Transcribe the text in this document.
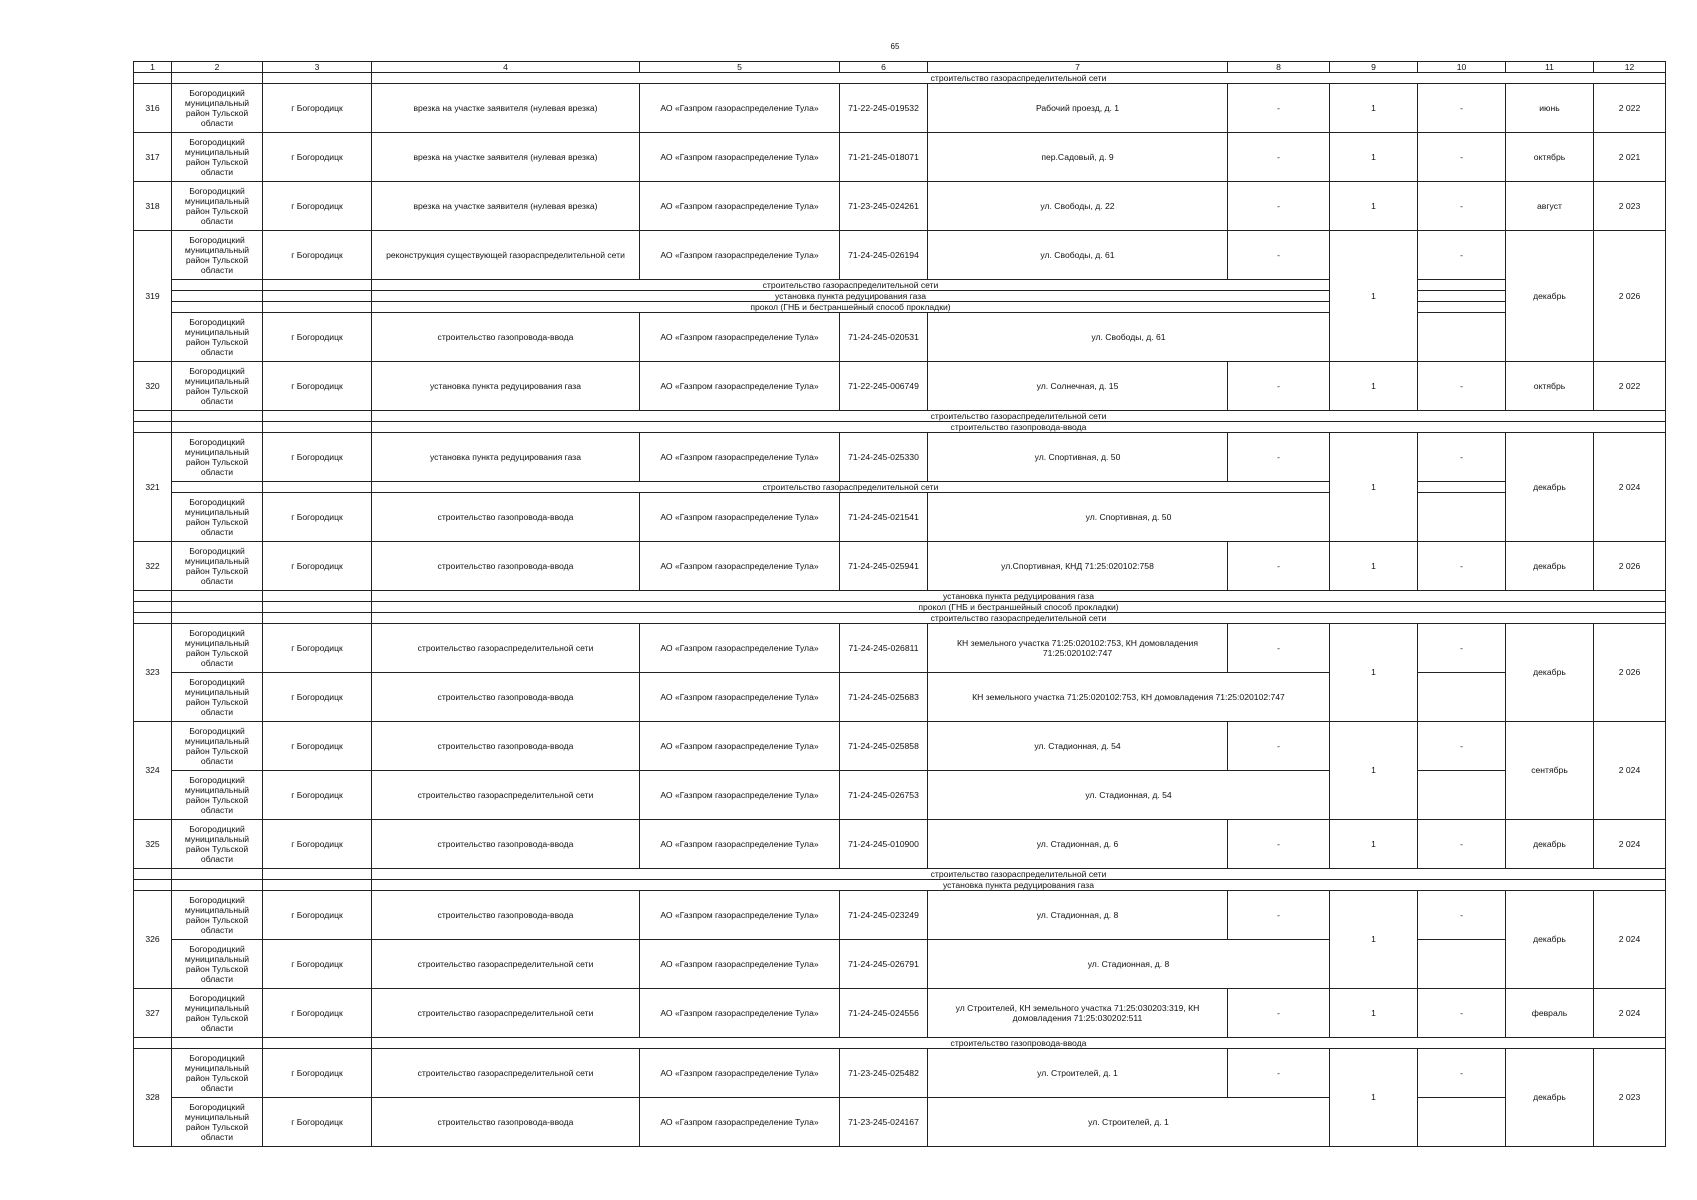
65
1	2	3	4	5	6	7	8	9	10	11	12
			строительство газораспределительной сети								
316	Богородицкий муниципальный район Тульской области	г Богородицк	врезка на участке заявителя (нулевая врезка)	АО «Газпром газораспределение Тула»	71-22-245-019532	Рабочий проезд, д. 1	-	1	-	июнь	2 022
317	Богородицкий муниципальный район Тульской области	г Богородицк	врезка на участке заявителя (нулевая врезка)	АО «Газпром газораспределение Тула»	71-21-245-018071	пер.Садовый, д. 9	-	1	-	октябрь	2 021
318	Богородицкий муниципальный район Тульской области	г Богородицк	врезка на участке заявителя (нулевая врезка)	АО «Газпром газораспределение Тула»	71-23-245-024261	ул. Свободы, д. 22	-	1	-	август	2 023
319	Богородицкий муниципальный район Тульской области	г Богородицк	реконструкция существующей газораспределительной сети	АО «Газпром газораспределение Тула»	71-24-245-026194	ул. Свободы, д. 61	-	1	-	декабрь	2 026
			строительство газораспределительной сети								
			установка пункта редуцирования газа								
			прокол (ГНБ и бестраншейный способ прокладки)								
	Богородицкий муниципальный район Тульской области	г Богородицк	строительство газопровода-ввода	АО «Газпром газораспределение Тула»	71-24-245-020531	ул. Свободы, д. 61					
320	Богородицкий муниципальный район Тульской области	г Богородицк	установка пункта редуцирования газа	АО «Газпром газораспределение Тула»	71-22-245-006749	ул. Солнечная, д. 15	-	1	-	октябрь	2 022
			строительство газораспределительной сети								
			строительство газопровода-ввода								
321	Богородицкий муниципальный район Тульской области	г Богородицк	установка пункта редуцирования газа	АО «Газпром газораспределение Тула»	71-24-245-025330	ул. Спортивная, д. 50	-	1	-	декабрь	2 024
			строительство газораспределительной сети								
	Богородицкий муниципальный район Тульской области	г Богородицк	строительство газопровода-ввода	АО «Газпром газораспределение Тула»	71-24-245-021541	ул. Спортивная, д. 50					
322	Богородицкий муниципальный район Тульской области	г Богородицк	строительство газопровода-ввода	АО «Газпром газораспределение Тула»	71-24-245-025941	ул.Спортивная, КНД 71:25:020102:758	-	1	-	декабрь	2 026
			установка пункта редуцирования газа								
			прокол (ГНБ и бестраншейный способ прокладки)								
			строительство газораспределительной сети								
323	Богородицкий муниципальный район Тульской области	г Богородицк	строительство газораспределительной сети	АО «Газпром газораспределение Тула»	71-24-245-026811	КН земельного участка 71:25:020102:753, КН домовладения 71:25:020102:747	-	1	-	декабрь	2 026
	Богородицкий муниципальный район Тульской области	г Богородицк	строительство газопровода-ввода	АО «Газпром газораспределение Тула»	71-24-245-025683	КН земельного участка 71:25:020102:753, КН домовладения 71:25:020102:747					
324	Богородицкий муниципальный район Тульской области	г Богородицк	строительство газопровода-ввода	АО «Газпром газораспределение Тула»	71-24-245-025858	ул. Стадионная, д. 54	-	1	-	сентябрь	2 024
	Богородицкий муниципальный район Тульской области	г Богородицк	строительство газораспределительной сети	АО «Газпром газораспределение Тула»	71-24-245-026753	ул. Стадионная, д. 54					
325	Богородицкий муниципальный район Тульской области	г Богородицк	строительство газопровода-ввода	АО «Газпром газораспределение Тула»	71-24-245-010900	ул. Стадионная, д. 6	-	1	-	декабрь	2 024
			строительство газораспределительной сети								
			установка пункта редуцирования газа								
326	Богородицкий муниципальный район Тульской области	г Богородицк	строительство газопровода-ввода	АО «Газпром газораспределение Тула»	71-24-245-023249	ул. Стадионная, д. 8	-	1	-	декабрь	2 024
	Богородицкий муниципальный район Тульской области	г Богородицк	строительство газораспределительной сети	АО «Газпром газораспределение Тула»	71-24-245-026791	ул. Стадионная, д. 8					
327	Богородицкий муниципальный район Тульской области	г Богородицк	строительство газораспределительной сети	АО «Газпром газораспределение Тула»	71-24-245-024556	ул Строителей, КН земельного участка 71:25:030203:319, КН домовладения 71:25:030202:511	-	1	-	февраль	2 024
			строительство газопровода-ввода								
328	Богородицкий муниципальный район Тульской области	г Богородицк	строительство газораспределительной сети	АО «Газпром газораспределение Тула»	71-23-245-025482	ул. Строителей, д. 1	-	1	-	декабрь	2 023
	Богородицкий муниципальный район Тульской области	г Богородицк	строительство газопровода-ввода	АО «Газпром газораспределение Тула»	71-23-245-024167	ул. Строителей, д. 1					
